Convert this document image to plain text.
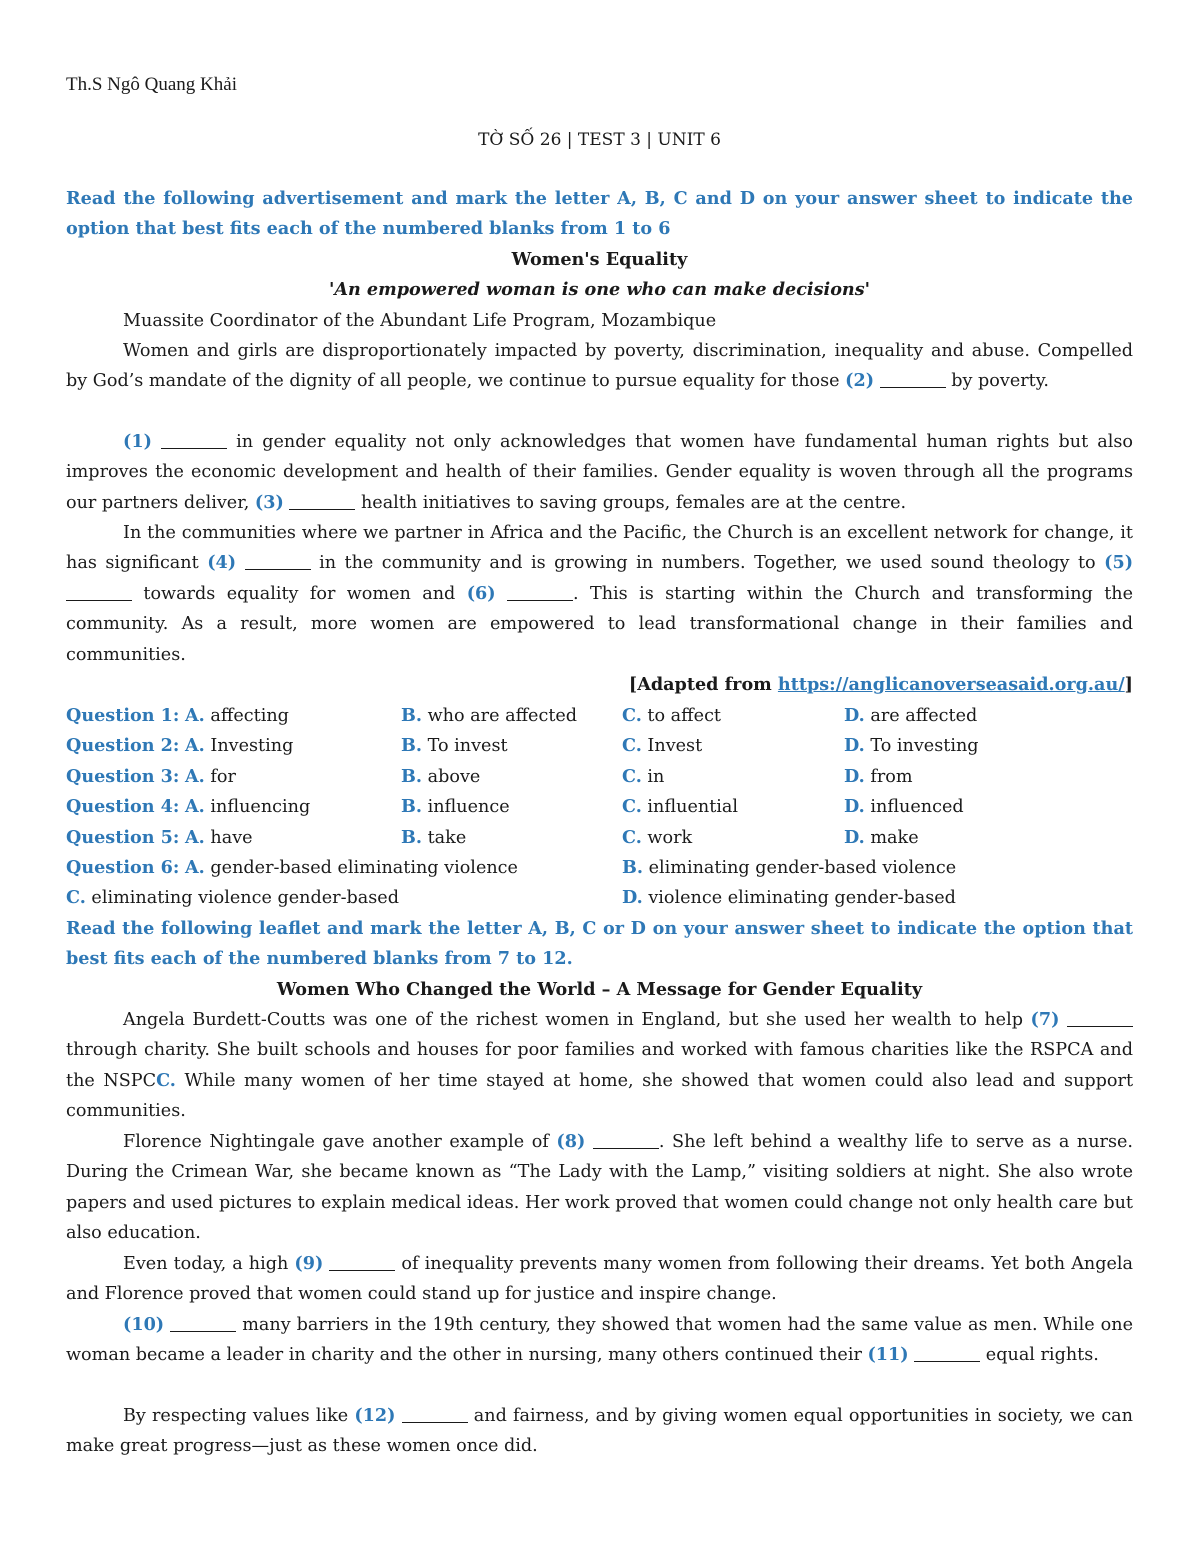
Th.S Ngô Quang Khải
TỜ SỐ 26 | TEST 3 | UNIT 6
Read the following advertisement and mark the letter A, B, C and D on your answer sheet to indicate the option that best fits each of the numbered blanks from 1 to 6
Women's Equality
'An empowered woman is one who can make decisions'
Muassite Coordinator of the Abundant Life Program, Mozambique
Women and girls are disproportionately impacted by poverty, discrimination, inequality and abuse. Compelled by God’s mandate of the dignity of all people, we continue to pursue equality for those (2)	by poverty.
(1)	in gender equality not only acknowledges that women have fundamental human rights but also improves the economic development and health of their families. Gender equality is woven through all the programs our partners deliver, (3)	health initiatives to saving groups, females are at the centre.
In the communities where we partner in Africa and the Pacific, the Church is an excellent network for change, it has significant (4)	in the community and is growing in numbers. Together, we used sound theology to (5)  towards equality for women and (6)	. This is starting within the Church and transforming the community. As a result, more women are empowered to lead transformational change in their families and communities.
[Adapted from https://anglicanoverseasaid.org.au/]
Question 1: A. affecting	B. who are affected	C. to affect	D. are affected
Question 2: A. Investing	B. To invest	C. Invest	D. To investing
Question 3: A. for	B. above	C. in	D. from
Question 4: A. influencing	B. influence	C. influential	D. influenced
Question 5: A. have	B. take	C. work	D. make
Question 6: A. gender-based eliminating violence	B. eliminating gender-based violence
C. eliminating violence gender-based	D. violence eliminating gender-based
Read the following leaflet and mark the letter A, B, C or D on your answer sheet to indicate the option that best fits each of the numbered blanks from 7 to 12.
Women Who Changed the World – A Message for Gender Equality
Angela Burdett-Coutts was one of the richest women in England, but she used her wealth to help (7)  through charity. She built schools and houses for poor families and worked with famous charities like the RSPCA and the NSPCC. While many women of her time stayed at home, she showed that women could also lead and support communities.
Florence Nightingale gave another example of (8)	. She left behind a wealthy life to serve as a nurse. During the Crimean War, she became known as “The Lady with the Lamp,” visiting soldiers at night. She also wrote papers and used pictures to explain medical ideas. Her work proved that women could change not only health care but also education.
Even today, a high (9)	of inequality prevents many women from following their dreams. Yet both Angela and Florence proved that women could stand up for justice and inspire change.
(10)	many barriers in the 19th century, they showed that women had the same value as men. While one woman became a leader in charity and the other in nursing, many others continued their (11)	equal rights.
By respecting values like (12)	and fairness, and by giving women equal opportunities in society, we can make great progress—just as these women once did.
